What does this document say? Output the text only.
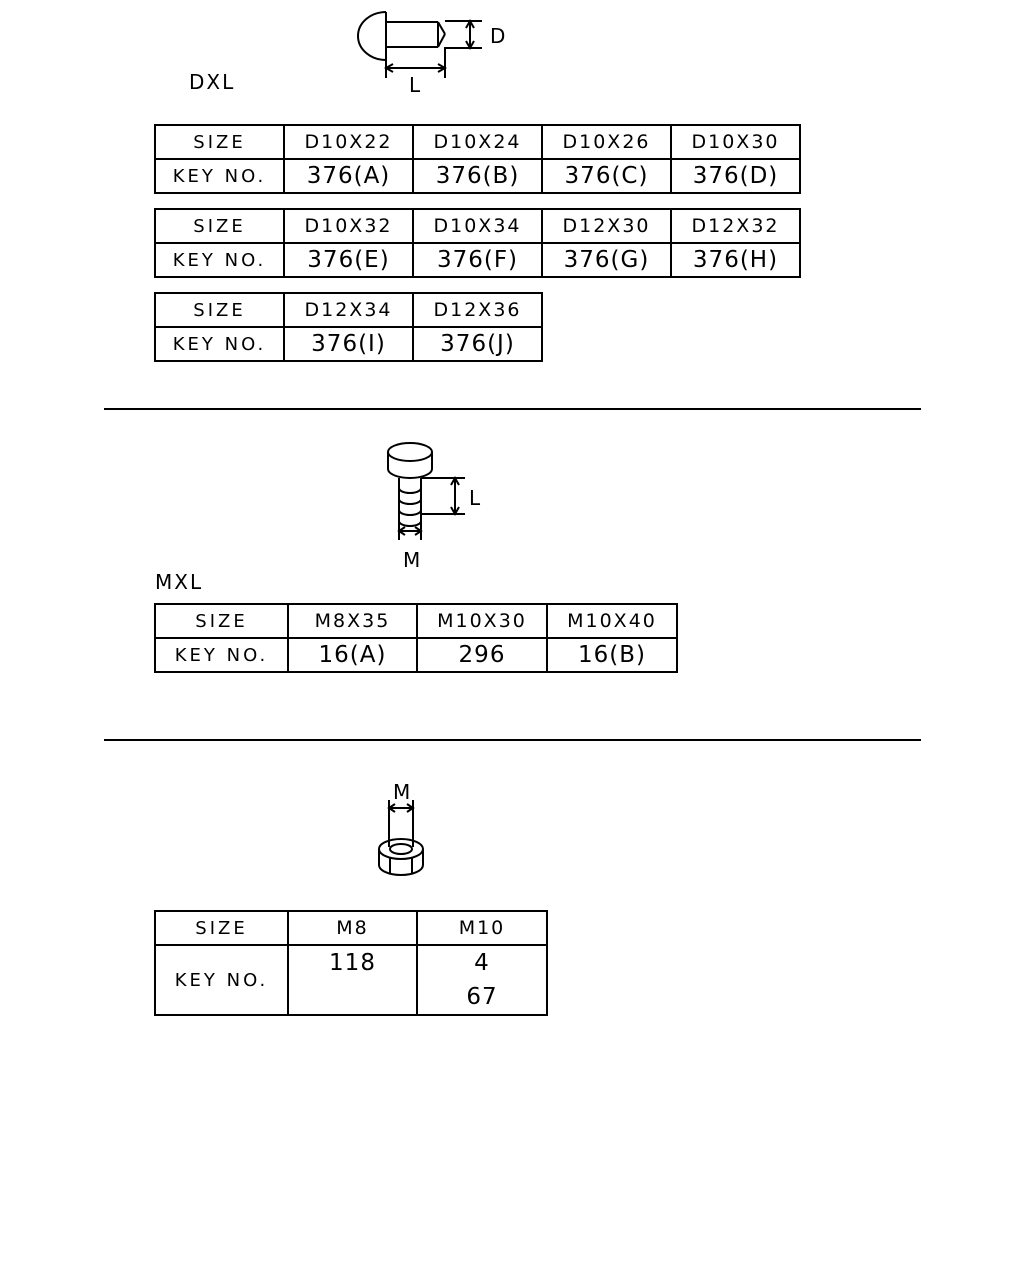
D
L
L
M
M
DXL
MXL
SIZE	D10X22	D10X24	D10X26	D10X30
KEY NO.	376(A)	376(B)	376(C)	376(D)
SIZE	D10X32	D10X34	D12X30	D12X32
KEY NO.	376(E)	376(F)	376(G)	376(H)
SIZE	D12X34	D12X36
KEY NO.	376(I)	376(J)
SIZE	M8X35	M10X30	M10X40
KEY NO.	16(A)	296	16(B)
SIZE	M8	M10
KEY NO.	118	4
67
